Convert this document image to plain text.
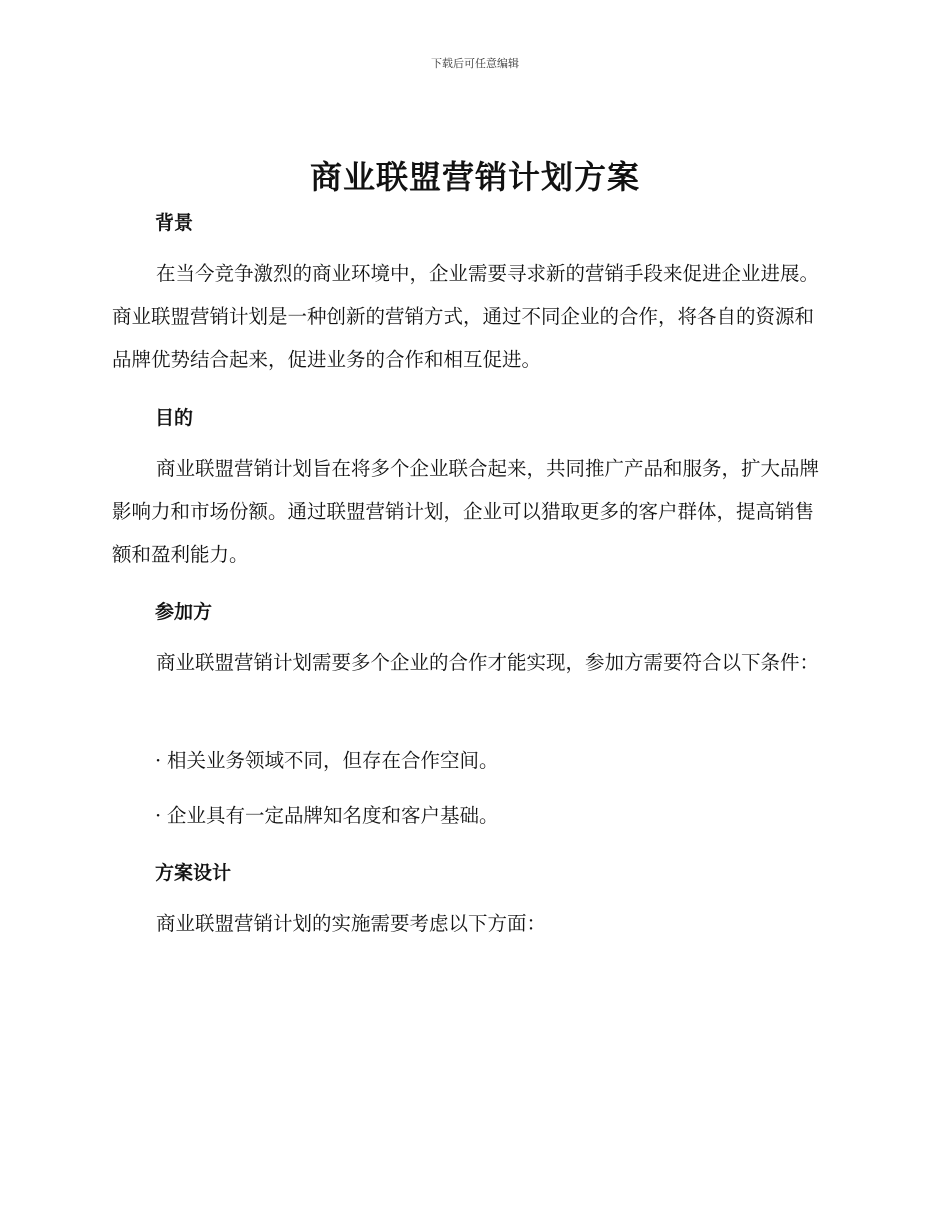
下载后可任意编辑
商业联盟营销计划方案
背景

在当今竞争激烈的商业环境中，企业需要寻求新的营销手段来促进企业进展。商业联盟营销计划是一种创新的营销方式，通过不同企业的合作，将各自的资源和品牌优势结合起来，促进业务的合作和相互促进。

目的

商业联盟营销计划旨在将多个企业联合起来，共同推广产品和服务，扩大品牌影响力和市场份额。通过联盟营销计划，企业可以猎取更多的客户群体，提高销售额和盈利能力。

参加方

商业联盟营销计划需要多个企业的合作才能实现，参加方需要符合以下条件：

· 相关业务领域不同，但存在合作空间。

· 企业具有一定品牌知名度和客户基础。

方案设计

商业联盟营销计划的实施需要考虑以下方面：
